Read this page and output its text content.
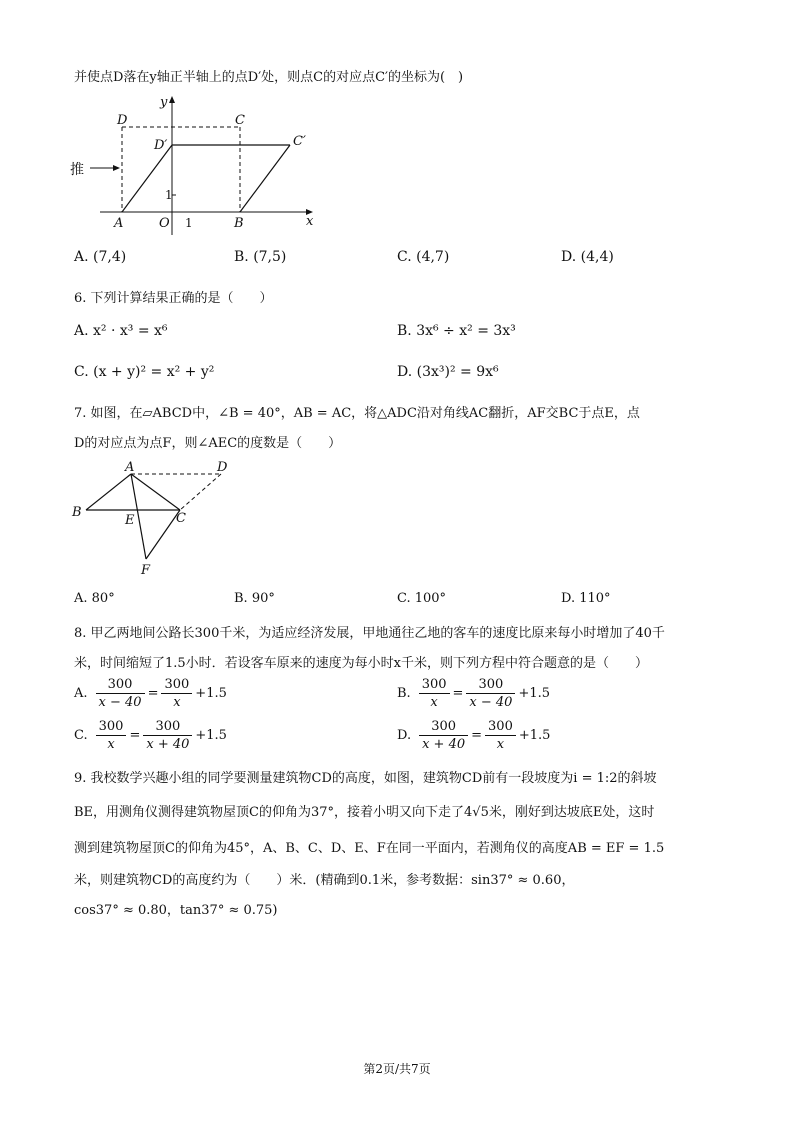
并使点D落在y轴正半轴上的点D′处，则点C的对应点C′的坐标为(　)
推
D	C
D′	C′
A	O 1	B
1
x
y
A. (7,4)	B. (7,5)	C. (4,7)	D. (4,4)
6. 下列计算结果正确的是（　　）
A. x² · x³ = x⁶	B. 3x⁶ ÷ x² = 3x³
C. (x + y)² = x² + y²	D. (3x³)² = 9x⁶
7. 如图，在▱ABCD中，∠B = 40°，AB = AC，将△ADC沿对角线AC翻折，AF交BC于点E，点
D的对应点为点F，则∠AEC的度数是（　　）
A	D
B
E	C
F
A. 80°	B. 90°	C. 100°	D. 110°
8. 甲乙两地间公路长300千米，为适应经济发展，甲地通往乙地的客车的速度比原来每小时增加了40千
米，时间缩短了1.5小时．若设客车原来的速度为每小时x千米，则下列方程中符合题意的是（　　）
A. $\frac{300}{x - 40} = \frac{300}{x} +1.5$	B. $\frac{300}{x} = \frac{300}{x - 40} +1.5$
C. $\frac{300}{x} = \frac{300}{x + 40} +1.5$	D. $\frac{300}{x + 40} = \frac{300}{x} +1.5$
9. 我校数学兴趣小组的同学要测量建筑物CD的高度，如图，建筑物CD前有一段坡度为i = 1:2的斜坡
BE，用测角仪测得建筑物屋顶C的仰角为37°，接着小明又向下走了4√5米，刚好到达坡底E处，这时
测到建筑物屋顶C的仰角为45°，A、B、C、D、E、F在同一平面内，若测角仪的高度AB = EF = 1.5
米，则建筑物CD的高度约为（　　）米．(精确到0.1米，参考数据：sin37° ≈ 0.60，
cos37° ≈ 0.80，tan37° ≈ 0.75)
第2页/共7页
